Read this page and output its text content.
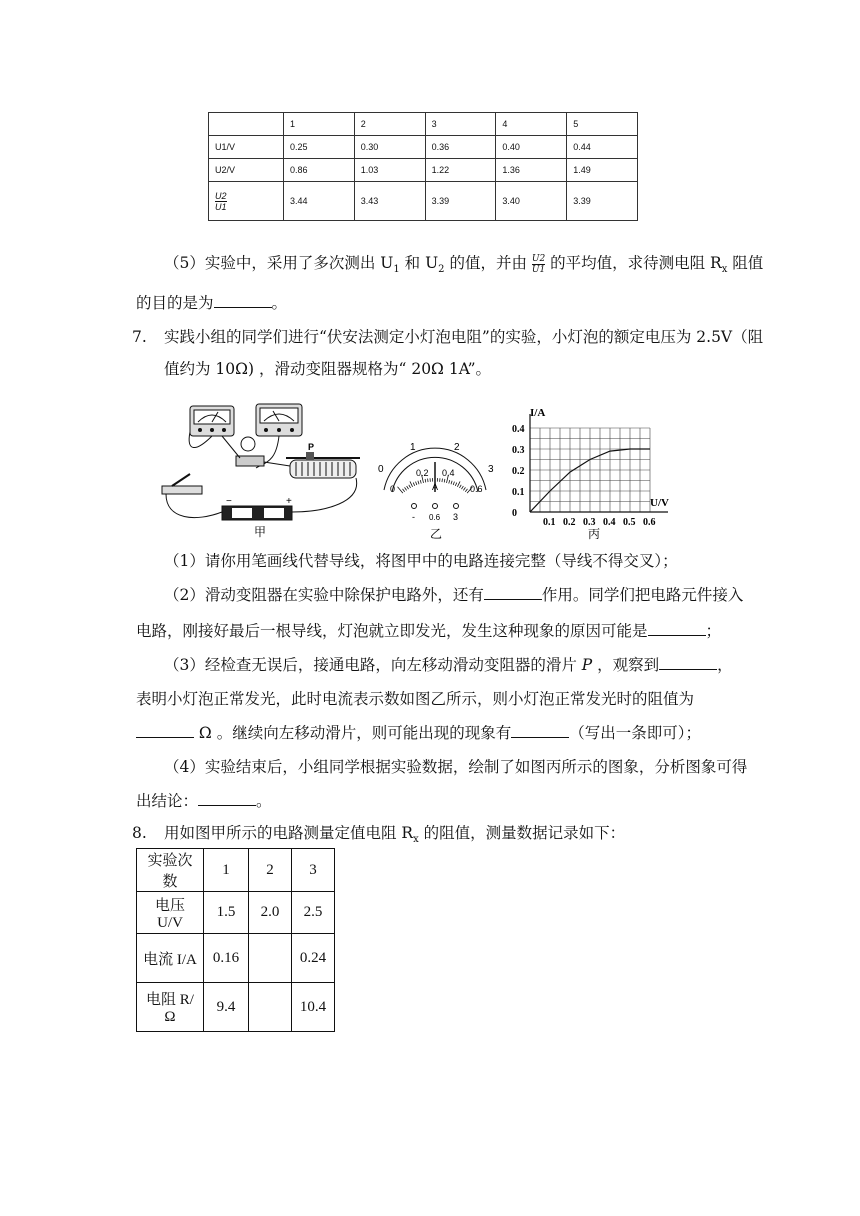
	1	2	3	4	5
U1/V	0.25	0.30	0.36	0.40	0.44
U2/V	0.86	1.03	1.22	1.36	1.49

$\frac{U2}{U1}$	3.44	3.43	3.39	3.40	3.39
（5）实验中，采用了多次测出 $U_1$ 和 $U_2$ 的值，并由 $\frac{U2}{U1}$ 的平均值，求待测电阻 $R_x$ 阻值
的目的是为	。
7. 实践小组的同学们进行“伏安法测定小灯泡电阻”的实验，小灯泡的额定电压为 2.5V（阻
值约为 10Ω) ，滑动变阻器规格为“ 20Ω 1A”。
P
−	+
甲
0
1	2
3
0
0.2 0.4
0.6
A
- 0.6 3
乙
0.1 0.2 0.3 0.4 0.5 0.6
0.4
0.3
0.2
0.1
0
I/A
U/V
丙
（1）请你用笔画线代替导线，将图甲中的电路连接完整（导线不得交叉）；
（2）滑动变阻器在实验中除保护电路外，还有	作用。同学们把电路元件接入
电路，刚接好最后一根导线，灯泡就立即发光，发生这种现象的原因可能是	；
（3）经检查无误后，接通电路，向左移动滑动变阻器的滑片 P ，观察到	，
表明小灯泡正常发光，此时电流表示数如图乙所示，则小灯泡正常发光时的阻值为
Ω 。继续向左移动滑片，则可能出现的现象有	（写出一条即可）；
（4）实验结束后，小组同学根据实验数据，绘制了如图丙所示的图象，分析图象可得
出结论：	。
8. 用如图甲所示的电路测量定值电阻 $R_x$ 的阻值，测量数据记录如下：
实验次数	1	2	3
电压 U/V	1.5	2.0	2.5
电流 I/A	0.16		0.24
电阻 R/Ω	9.4		10.4
